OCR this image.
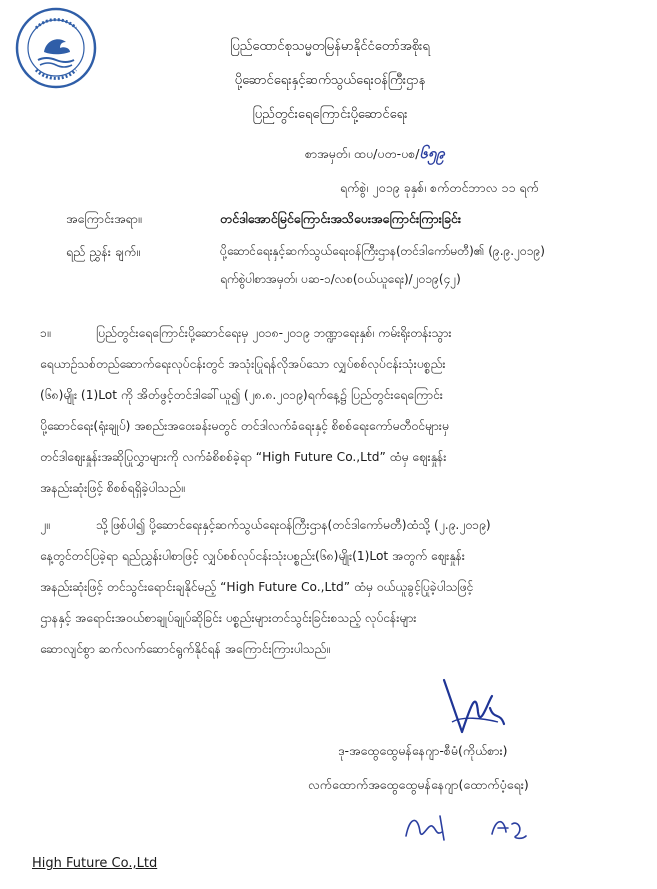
ပြည်ထောင်စုသမ္မတမြန်မာနိုင်ငံတော်အစိုးရ
ပို့ဆောင်ရေးနှင့်ဆက်သွယ်ရေးဝန်ကြီးဌာန
ပြည်တွင်းရေကြောင်းပို့ဆောင်ရေး
စာအမှတ်၊ ထပ/ပတ-ပစ/၆၅၉
ရက်စွဲ၊ ၂၀၁၉ ခုနှစ်၊ စက်တင်ဘာလ ၁၁ ရက်
အကြောင်းအရာ။	တင်ဒါအောင်မြင်ကြောင်းအသိပေးအကြောင်းကြားခြင်း
ရည် ညွှန်း ချက်။	ပို့ဆောင်ရေးနှင့်ဆက်သွယ်ရေးဝန်ကြီးဌာန(တင်ဒါကော်မတီ)၏ (၉.၉.၂၀၁၉)
ရက်စွဲပါစာအမှတ်၊ ပဆ-၁/လစ(ဝယ်ယူရေး)/၂၀၁၉(၄၂)
၁။	ပြည်တွင်းရေကြောင်းပို့ဆောင်ရေးမှ ၂၀၁၈-၂၀၁၉ ဘဏ္ဍာရေးနှစ်၊ ကမ်းရိုးတန်းသွား
ရေယာဉ်သစ်တည်ဆောက်ရေးလုပ်ငန်းတွင် အသုံးပြုရန်လိုအပ်သော လျှပ်စစ်လုပ်ငန်းသုံးပစ္စည်း
(၆၈)မျိုး (1)Lot ကို အိတ်ဖွင့်တင်ဒါခေါ်ယူ၍ (၂၈.၈.၂၀၁၉)ရက်နေ့၌ ပြည်တွင်းရေကြောင်း
ပို့ဆောင်ရေး(ရုံးချုပ်) အစည်းအဝေးခန်းမတွင် တင်ဒါလက်ခံရေးနှင့် စိစစ်ရေးကော်မတီဝင်များမှ
တင်ဒါဈေးနှုန်းအဆိုပြုလွှာများကို လက်ခံစိစစ်ခဲ့ရာ “High Future Co.,Ltd” ထံမှ ဈေးနှုန်း
အနည်းဆုံးဖြင့် စိစစ်ရရှိခဲ့ပါသည်။
၂။	သို့ဖြစ်ပါ၍ ပို့ဆောင်ရေးနှင့်ဆက်သွယ်ရေးဝန်ကြီးဌာန(တင်ဒါကော်မတီ)ထံသို့ (၂.၉.၂၀၁၉)
နေ့တွင်တင်ပြခဲ့ရာ ရည်ညွှန်းပါစာဖြင့် လျှပ်စစ်လုပ်ငန်းသုံးပစ္စည်း(၆၈)မျိုး(1)Lot အတွက် ဈေးနှုန်း
အနည်းဆုံးဖြင့် တင်သွင်းရောင်းချနိုင်မည့် “High Future Co.,Ltd” ထံမှ ဝယ်ယူခွင့်ပြုခဲ့ပါသဖြင့်
ဌာနနှင့် အရောင်းအဝယ်စာချုပ်ချုပ်ဆိုခြင်း ပစ္စည်းများတင်သွင်းခြင်းစသည့် လုပ်ငန်းများ
ဆောလျင်စွာ ဆက်လက်ဆောင်ရွက်နိုင်ရန် အကြောင်းကြားပါသည်။
ဒု-အထွေထွေမန်နေဂျာ-စီမံ(ကိုယ်စား)
လက်ထောက်အထွေထွေမန်နေဂျာ(ထောက်ပံ့ရေး)
High Future Co.,Ltd
